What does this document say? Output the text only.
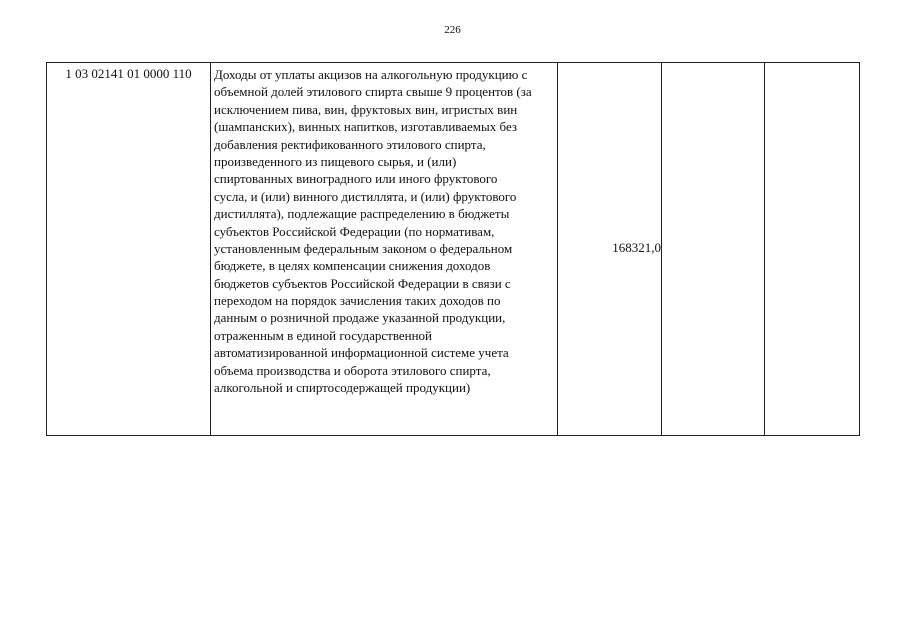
226
1 03 02141 01 0000 110	Доходы от уплаты акцизов на алкогольную продукцию с
объемной долей этилового спирта свыше 9 процентов (за
исключением пива, вин, фруктовых вин, игристых вин
(шампанских), винных напитков, изготавливаемых без
добавления ректификованного этилового спирта,
произведенного из пищевого сырья, и (или)
спиртованных виноградного или иного фруктового
сусла, и (или) винного дистиллята, и (или) фруктового
дистиллята), подлежащие распределению в бюджеты
субъектов Российской Федерации (по нормативам,
установленным федеральным законом о федеральном
бюджете, в целях компенсации снижения доходов
бюджетов субъектов Российской Федерации в связи с
переходом на порядок зачисления таких доходов по
данным о розничной продаже указанной продукции,
отраженным в единой государственной
автоматизированной информационной системе учета
объема производства и оборота этилового спирта,
алкогольной и спиртосодержащей продукции)
168321,0
